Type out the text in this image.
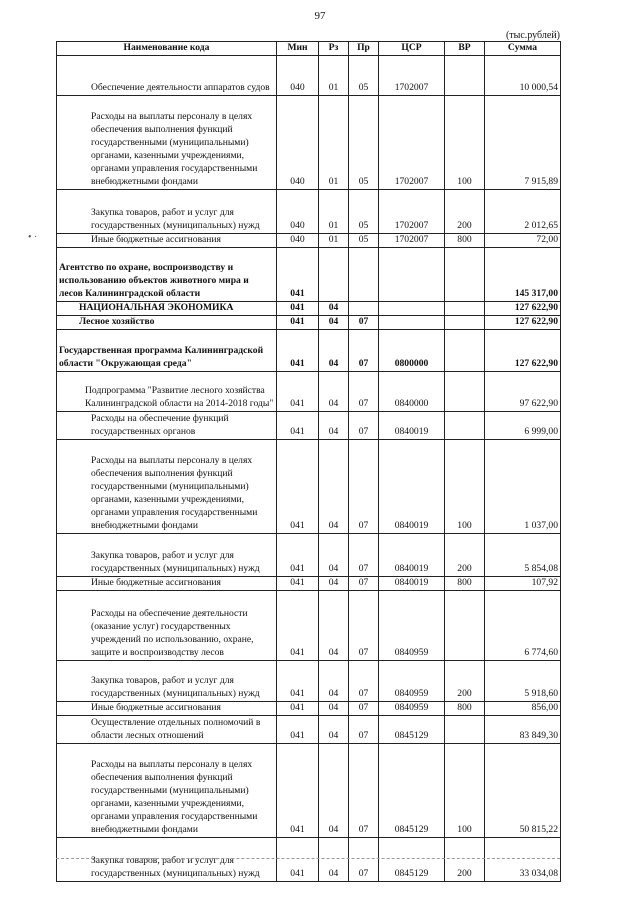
97
(тыс.рублей)
• ·
Наименование кода	Мин	Рз	Пр	ЦСР	ВР	Сумма
Обеспечение деятельности аппаратов судов	040	01	05	1702007		10 000,54
Расходы на выплаты персоналу в целях обеспечения выполнения функций государственными (муниципальными) органами, казенными учреждениями, органами управления государственными внебюджетными фондами	040	01	05	1702007	100	7 915,89
Закупка товаров, работ и услуг для государственных (муниципальных) нужд	040	01	05	1702007	200	2 012,65
Иные бюджетные ассигнования	040	01	05	1702007	800	72,00
Агентство по охране, воспроизводству и использованию объектов животного мира и лесов Калининградской области	041					145 317,00
НАЦИОНАЛЬНАЯ ЭКОНОМИКА	041	04				127 622,90
Лесное хозяйство	041	04	07			127 622,90
Государственная программа Калининградской области "Окружающая среда"	041	04	07	0800000		127 622,90
Подпрограмма "Развитие лесного хозяйства Калининградской области на 2014-2018 годы"	041	04	07	0840000		97 622,90
Расходы на обеспечение функций государственных органов	041	04	07	0840019		6 999,00
Расходы на выплаты персоналу в целях обеспечения выполнения функций государственными (муниципальными) органами, казенными учреждениями, органами управления государственными внебюджетными фондами	041	04	07	0840019	100	1 037,00
Закупка товаров, работ и услуг для государственных (муниципальных) нужд	041	04	07	0840019	200	5 854,08
Иные бюджетные ассигнования	041	04	07	0840019	800	107,92
Расходы на обеспечение деятельности (оказание услуг) государственных учреждений по использованию, охране, защите и воспроизводству лесов	041	04	07	0840959		6 774,60
Закупка товаров, работ и услуг для государственных (муниципальных) нужд	041	04	07	0840959	200	5 918,60
Иные бюджетные ассигнования	041	04	07	0840959	800	856,00
Осуществление отдельных полномочий в области лесных отношений	041	04	07	0845129		83 849,30
Расходы на выплаты персоналу в целях обеспечения выполнения функций государственными (муниципальными) органами, казенными учреждениями, органами управления государственными внебюджетными фондами	041	04	07	0845129	100	50 815,22
Закупка товаров, работ и услуг для государственных (муниципальных) нужд	041	04	07	0845129	200	33 034,08
